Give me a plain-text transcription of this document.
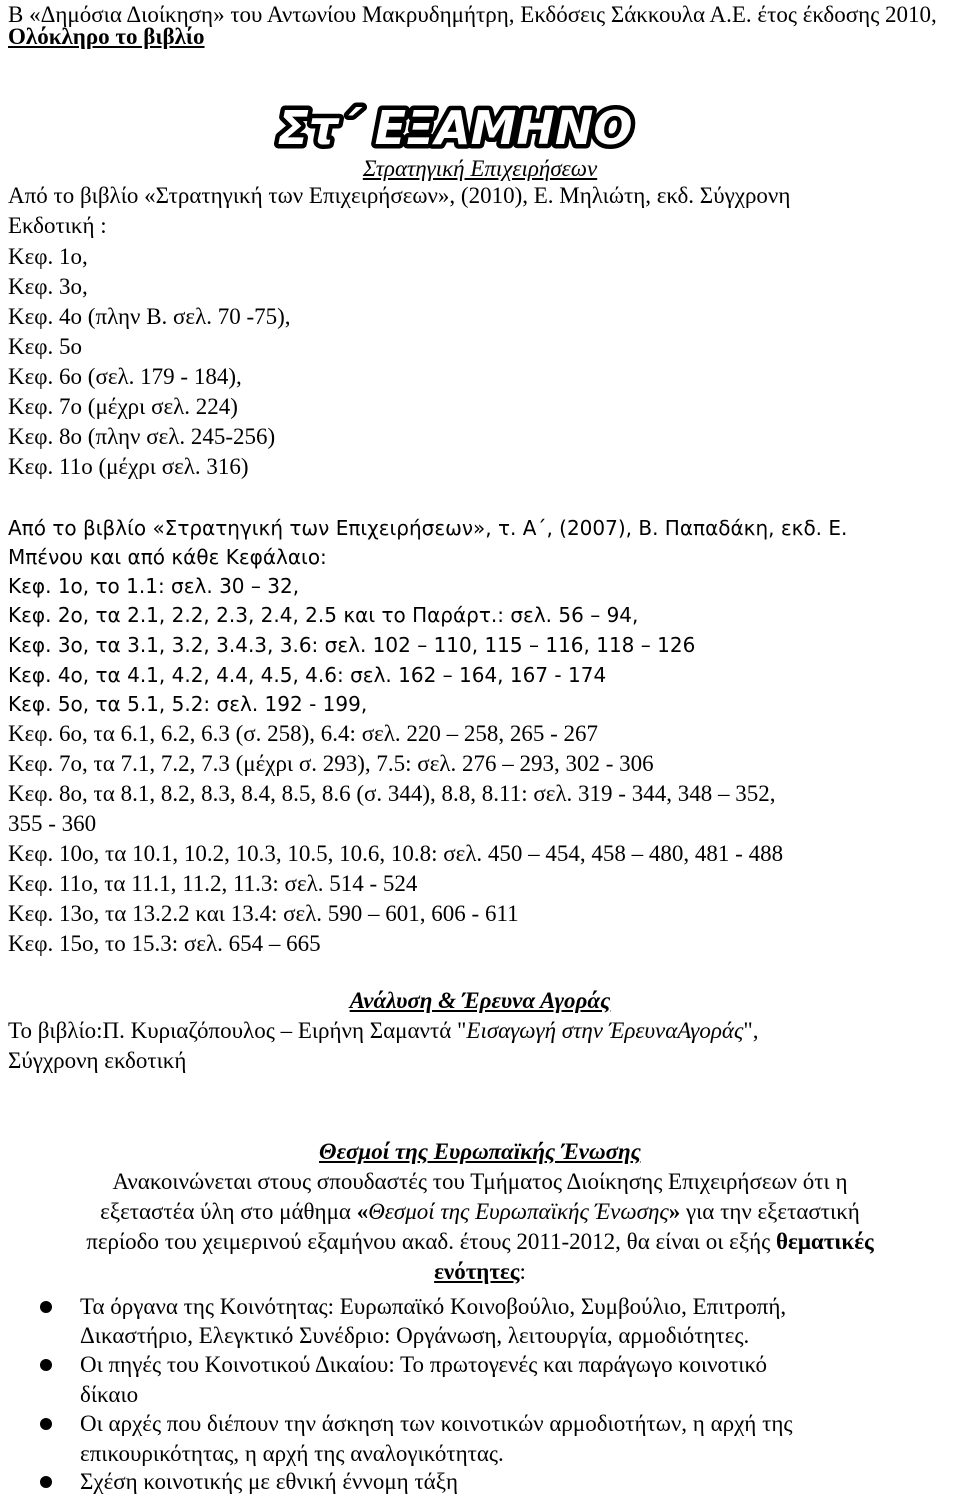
Β «Δημόσια Διοίκηση» του Αντωνίου Μακρυδημήτρη, Εκδόσεις Σάκκουλα Α.Ε. έτος έκδοσης 2010,
Ολόκληρο το βιβλίο
Στ΄ ΕΞΑΜΗΝΟ
Στρατηγική Επιχειρήσεων
Από το βιβλίο «Στρατηγική των Επιχειρήσεων», (2010), Ε. Μηλιώτη, εκδ. Σύγχρονη
Εκδοτική :
Κεφ. 1ο,
Κεφ. 3ο,
Κεφ. 4ο (πλην Β. σελ. 70 -75),
Κεφ. 5ο
Κεφ. 6ο (σελ. 179 - 184),
Κεφ. 7ο (μέχρι σελ. 224)
Κεφ. 8ο (πλην σελ. 245-256)
Κεφ. 11ο (μέχρι σελ. 316)
Από το βιβλίο «Στρατηγική των Επιχειρήσεων», τ. Α΄, (2007), Β. Παπαδάκη, εκδ. Ε.
Μπένου και από κάθε Κεφάλαιο:
Κεφ. 1ο, το 1.1: σελ. 30 – 32,
Κεφ. 2ο, τα 2.1, 2.2, 2.3, 2.4, 2.5 και το Παράρτ.: σελ. 56 – 94,
Κεφ. 3ο, τα 3.1, 3.2, 3.4.3, 3.6: σελ. 102 – 110, 115 – 116, 118 – 126
Κεφ. 4ο, τα 4.1, 4.2, 4.4, 4.5, 4.6: σελ. 162 – 164, 167 - 174
Κεφ. 5ο, τα 5.1, 5.2: σελ. 192 - 199,
Κεφ. 6ο, τα 6.1, 6.2, 6.3 (σ. 258), 6.4: σελ. 220 – 258, 265 - 267
Κεφ. 7ο, τα 7.1, 7.2, 7.3 (μέχρι σ. 293), 7.5: σελ. 276 – 293, 302 - 306
Κεφ. 8ο, τα 8.1, 8.2, 8.3, 8.4, 8.5, 8.6 (σ. 344), 8.8, 8.11: σελ. 319 - 344, 348 – 352,
355 - 360
Κεφ. 10ο, τα 10.1, 10.2, 10.3, 10.5, 10.6, 10.8: σελ. 450 – 454, 458 – 480, 481 - 488
Κεφ. 11ο, τα 11.1, 11.2, 11.3: σελ. 514 - 524
Κεφ. 13ο, τα 13.2.2 και 13.4: σελ. 590 – 601, 606 - 611
Κεφ. 15ο, το 15.3: σελ. 654 – 665
Ανάλυση & Έρευνα Αγοράς
Το βιβλίο:Π. Κυριαζόπουλος – Ειρήνη Σαμαντά "Εισαγωγή στην ΈρευναΑγοράς",
Σύγχρονη εκδοτική
Θεσμοί της Ευρωπαϊκής Ένωσης
Ανακοινώνεται στους σπουδαστές του Τμήματος Διοίκησης Επιχειρήσεων ότι η
εξεταστέα ύλη στο μάθημα «Θεσμοί της Ευρωπαϊκής Ένωσης» για την εξεταστική
περίοδο του χειμερινού εξαμήνου ακαδ. έτους 2011-2012, θα είναι οι εξής θεματικές
ενότητες:
Τα όργανα της Κοινότητας: Ευρωπαϊκό Κοινοβούλιο, Συμβούλιο, Επιτροπή,
Δικαστήριο, Ελεγκτικό Συνέδριο: Οργάνωση, λειτουργία, αρμοδιότητες.
Οι πηγές του Κοινοτικού Δικαίου: Το πρωτογενές και παράγωγο κοινοτικό
δίκαιο
Οι αρχές που διέπουν την άσκηση των κοινοτικών αρμοδιοτήτων, η αρχή της
επικουρικότητας, η αρχή της αναλογικότητας.
Σχέση κοινοτικής με εθνική έννομη τάξη
